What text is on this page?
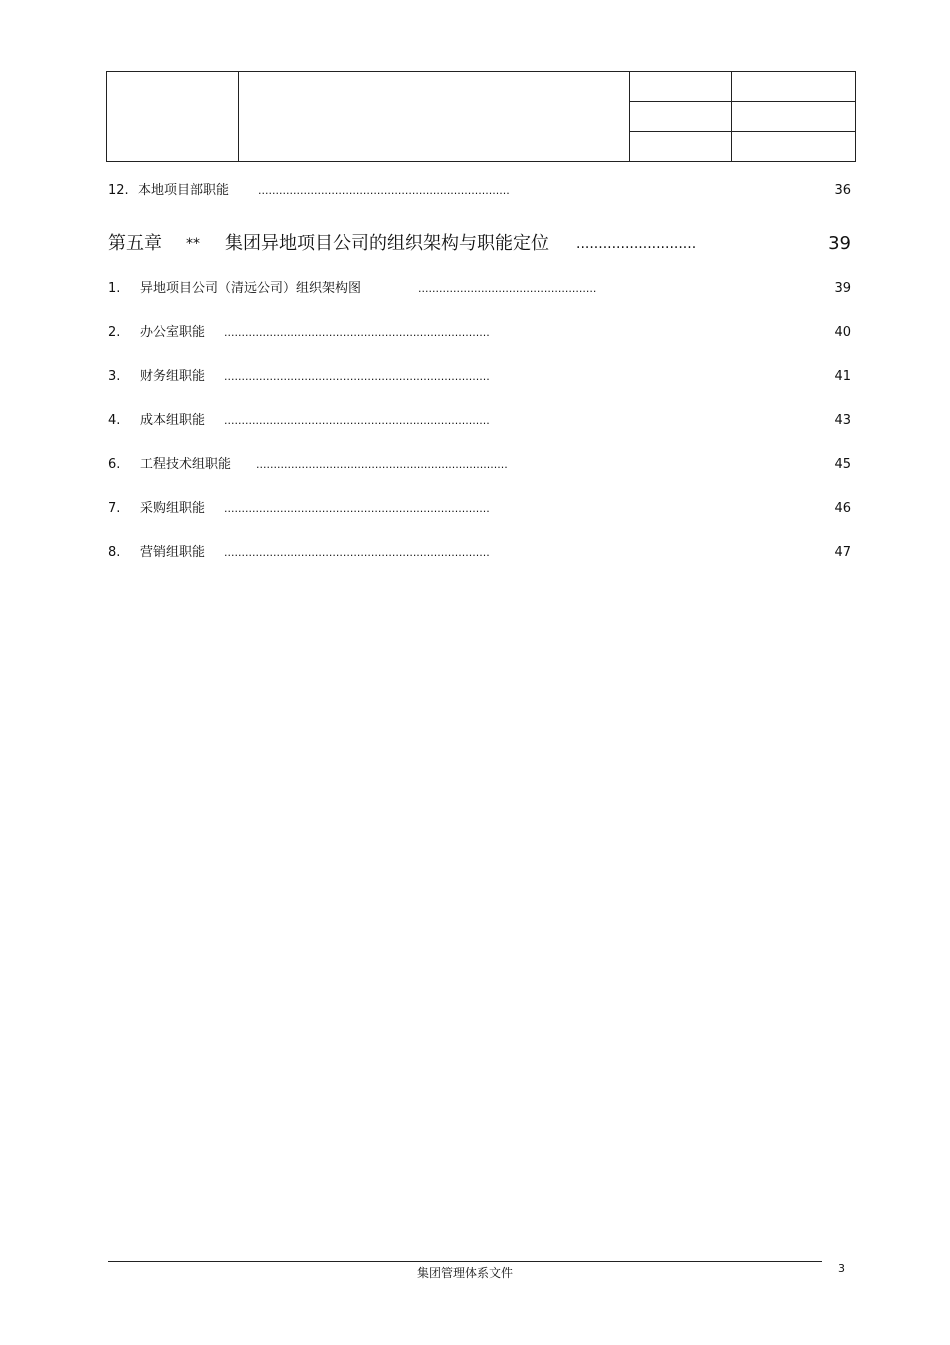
12. 本地项目部职能	........................................................................	36
第五章 ** 集团异地项目公司的组织架构与职能定位 ...........................	39
1. 异地项目公司（清远公司）组织架构图	...................................................	39
2. 办公室职能 ............................................................................	40
3. 财务组职能 ............................................................................	41
4. 成本组职能 ............................................................................	43
6. 工程技术组职能 ........................................................................	45
7. 采购组职能 ............................................................................	46
8. 营销组职能 ............................................................................	47
集团管理体系文件	3
